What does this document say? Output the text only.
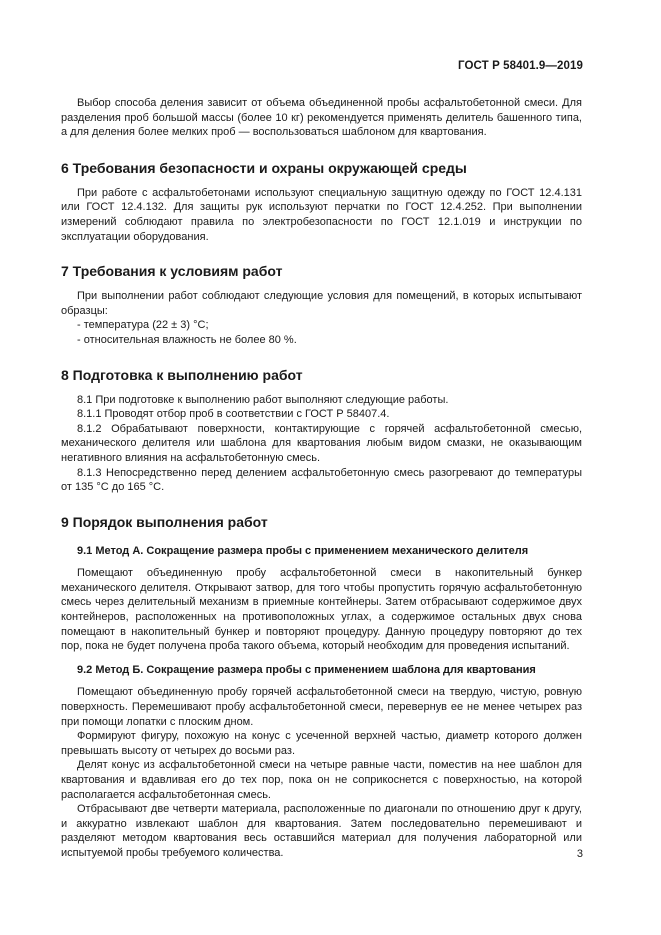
ГОСТ Р 58401.9—2019

Выбор способа деления зависит от объема объединенной пробы асфальтобетонной смеси. Для разделения проб большой массы (более 10 кг) рекомендуется применять делитель башенного типа, а для деления более мелких проб — воспользоваться шаблоном для квартования.

6 Требования безопасности и охраны окружающей среды

При работе с асфальтобетонами используют специальную защитную одежду по ГОСТ 12.4.131 или ГОСТ 12.4.132. Для защиты рук используют перчатки по ГОСТ 12.4.252. При выполнении измерений соблюдают правила по электробезопасности по ГОСТ 12.1.019 и инструкции по эксплуатации оборудования.

7 Требования к условиям работ

При выполнении работ соблюдают следующие условия для помещений, в которых испытывают образцы:

- температура (22 ± 3) °C;

- относительная влажность не более 80 %.

8 Подготовка к выполнению работ

8.1 При подготовке к выполнению работ выполняют следующие работы.

8.1.1 Проводят отбор проб в соответствии с ГОСТ Р 58407.4.

8.1.2 Обрабатывают поверхности, контактирующие с горячей асфальтобетонной смесью, механического делителя или шаблона для квартования любым видом смазки, не оказывающим негативного влияния на асфальтобетонную смесь.

8.1.3 Непосредственно перед делением асфальтобетонную смесь разогревают до температуры от 135 °C до 165 °C.

9 Порядок выполнения работ
9.1 Метод А. Сокращение размера пробы с применением механического делителя

Помещают объединенную пробу асфальтобетонной смеси в накопительный бункер механического делителя. Открывают затвор, для того чтобы пропустить горячую асфальтобетонную смесь через делительный механизм в приемные контейнеры. Затем отбрасывают содержимое двух контейнеров, расположенных на противоположных углах, а содержимое остальных двух снова помещают в накопительный бункер и повторяют процедуру. Данную процедуру повторяют до тех пор, пока не будет получена проба такого объема, который необходим для проведения испытаний.

9.2 Метод Б. Сокращение размера пробы с применением шаблона для квартования

Помещают объединенную пробу горячей асфальтобетонной смеси на твердую, чистую, ровную поверхность. Перемешивают пробу асфальтобетонной смеси, перевернув ее не менее четырех раз при помощи лопатки с плоским дном.

Формируют фигуру, похожую на конус с усеченной верхней частью, диаметр которого должен превышать высоту от четырех до восьми раз.

Делят конус из асфальтобетонной смеси на четыре равные части, поместив на нее шаблон для квартования и вдавливая его до тех пор, пока он не соприкоснется с поверхностью, на которой располагается асфальтобетонная смесь.

Отбрасывают две четверти материала, расположенные по диагонали по отношению друг к другу, и аккуратно извлекают шаблон для квартования. Затем последовательно перемешивают и разделяют методом квартования весь оставшийся материал для получения лабораторной или испытуемой пробы требуемого количества.	3
